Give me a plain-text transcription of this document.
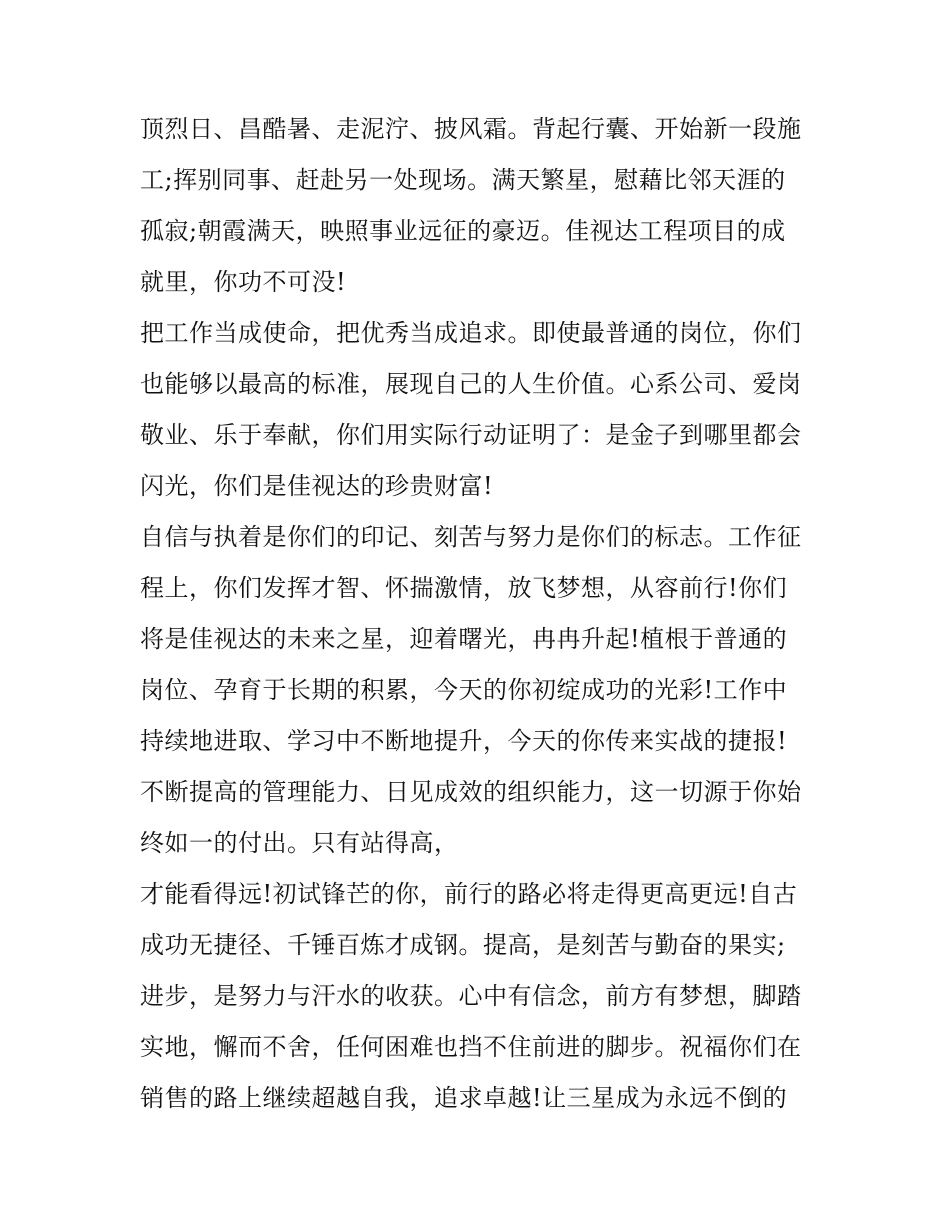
顶烈日、昌酷暑、走泥泞、披风霜。背起行囊、开始新一段施
工;挥别同事、赶赴另一处现场。满天繁星，慰藉比邻天涯的
孤寂;朝霞满天，映照事业远征的豪迈。佳视达工程项目的成
就里，你功不可没!
把工作当成使命，把优秀当成追求。即使最普通的岗位，你们
也能够以最高的标准，展现自己的人生价值。心系公司、爱岗
敬业、乐于奉献，你们用实际行动证明了：是金子到哪里都会
闪光，你们是佳视达的珍贵财富!
自信与执着是你们的印记、刻苦与努力是你们的标志。工作征
程上，你们发挥才智、怀揣激情，放飞梦想，从容前行!你们
将是佳视达的未来之星，迎着曙光，冉冉升起!植根于普通的
岗位、孕育于长期的积累，今天的你初绽成功的光彩!工作中
持续地进取、学习中不断地提升，今天的你传来实战的捷报!
不断提高的管理能力、日见成效的组织能力，这一切源于你始
终如一的付出。只有站得高，
才能看得远!初试锋芒的你，前行的路必将走得更高更远!自古
成功无捷径、千锤百炼才成钢。提高，是刻苦与勤奋的果实;
进步，是努力与汗水的收获。心中有信念，前方有梦想，脚踏
实地，懈而不舍，任何困难也挡不住前进的脚步。祝福你们在
销售的路上继续超越自我，追求卓越!让三星成为永远不倒的
